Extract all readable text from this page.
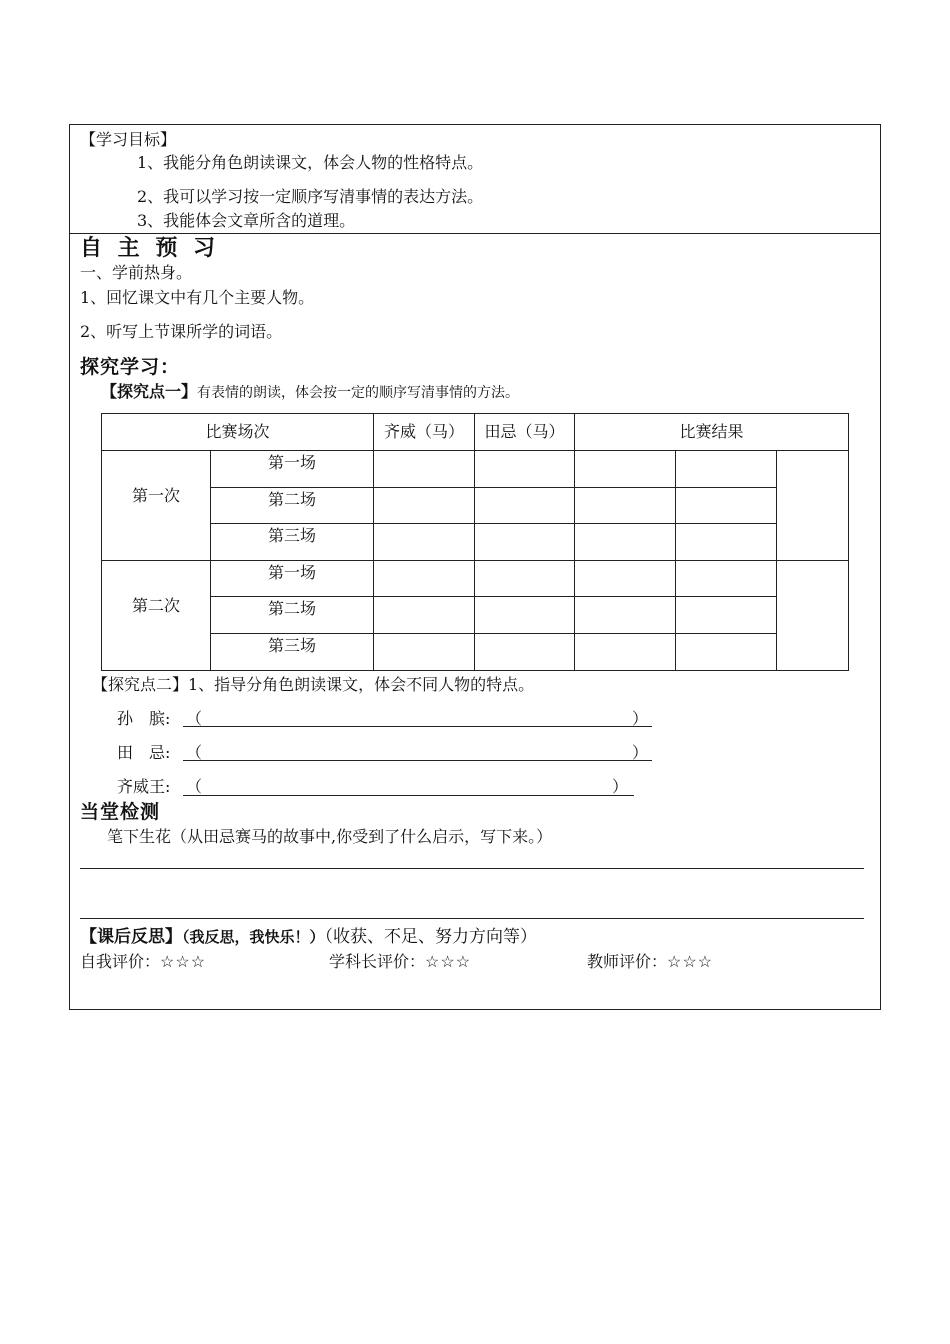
【学习目标】
1、我能分角色朗读课文，体会人物的性格特点。
2、我可以学习按一定顺序写清事情的表达方法。
3、我能体会文章所含的道理。
自 主 预 习
一、学前热身。
1、回忆课文中有几个主要人物。
2、听写上节课所学的词语。
探究学习：
【探究点一】有表情的朗读，体会按一定的顺序写清事情的方法。
比赛场次		齐威（马）	田忌（马）	比赛结果		

第一次	第一场					

	第二场					

	第三场					

第二次	第一场					

	第二场					

	第三场					

【探究点二】1、指导分角色朗读课文，体会不同人物的特点。
孙　膑: （	）
田　忌: （	）
齐威王: （	）
当堂检测
笔下生花（从田忌赛马的故事中,你受到了什么启示，写下来。）
【课后反思】（我反思，我快乐！）（收获、不足、努力方向等）
自我评价：☆☆☆	学科长评价：☆☆☆	教师评价：☆☆☆
